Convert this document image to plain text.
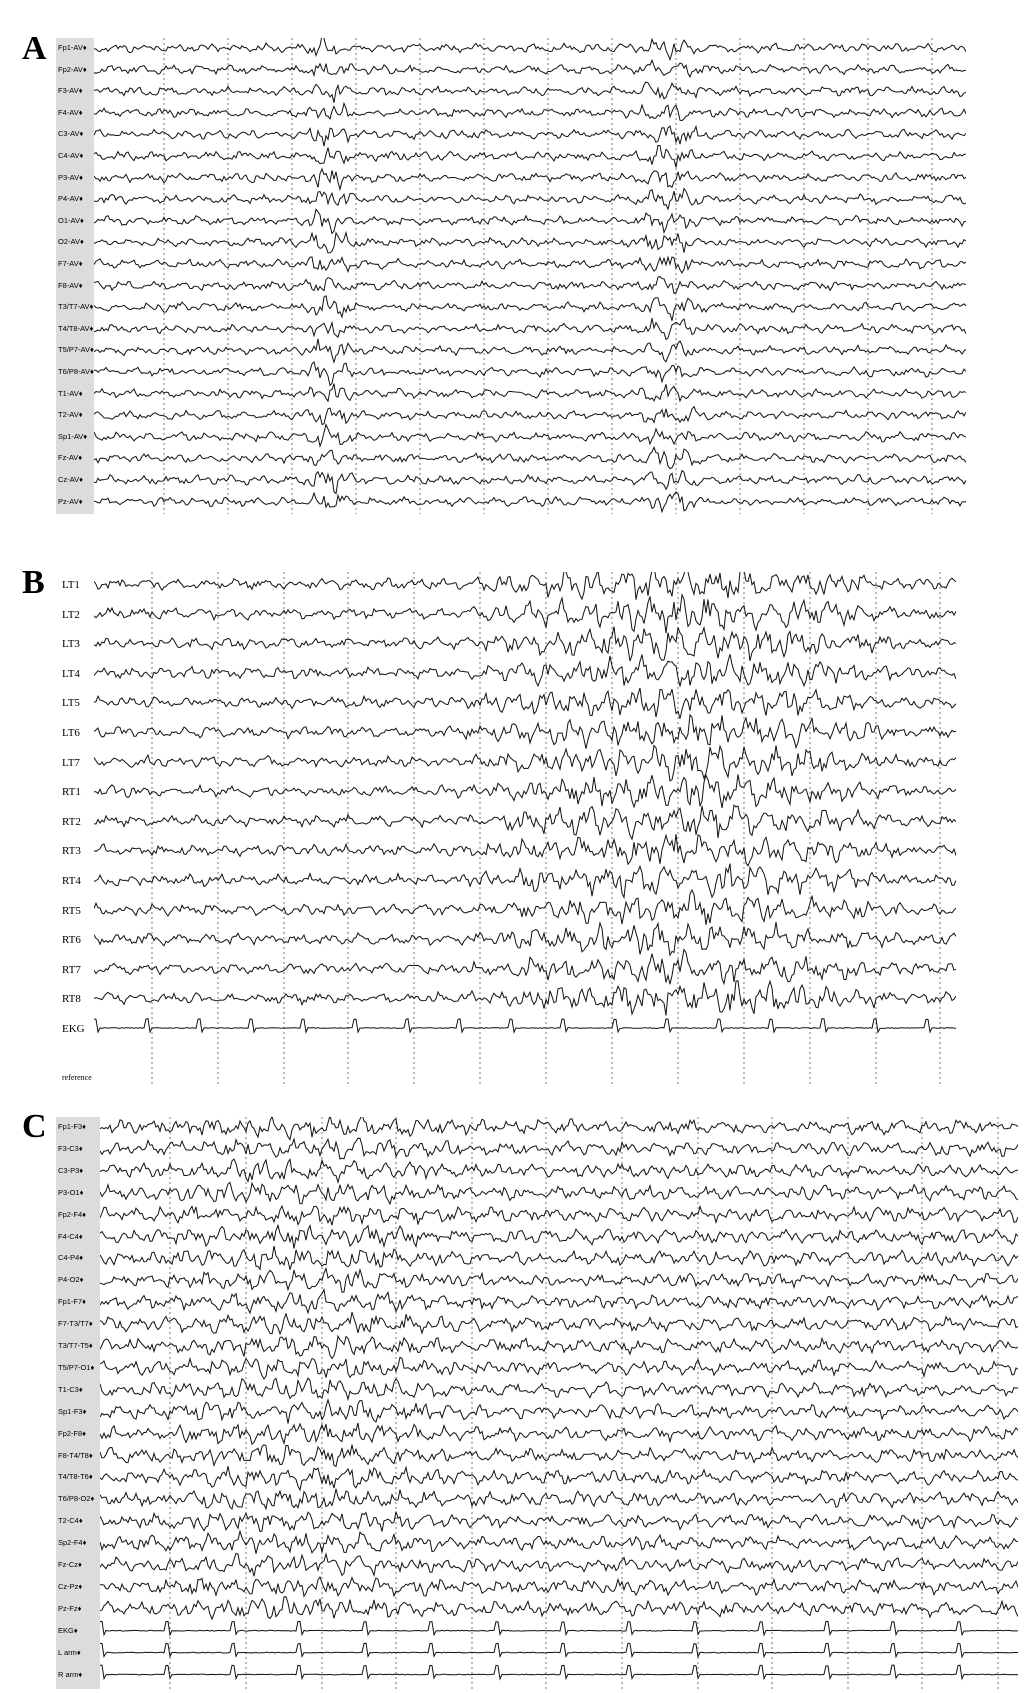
A Fp1-AV♦
Fp2-AV♦
F3-AV♦
F4-AV♦
C3-AV♦
C4-AV♦
P3-AV♦
P4-AV♦
O1-AV♦
O2-AV♦
F7-AV♦
F8-AV♦
T3/T7-AV♦
T4/T8-AV♦
T5/P7-AV♦
T6/P8-AV♦
T1-AV♦
T2-AV♦
Sp1-AV♦
Fz-AV♦
Cz-AV♦
Pz-AV♦
B LT1
LT2
LT3
LT4
LT5
LT6
LT7
RT1
RT2
RT3
RT4
RT5
RT6
RT7
RT8
EKG
reference
C Fp1-F3♦
F3-C3♦
C3-P3♦
P3-O1♦
Fp2-F4♦
F4-C4♦
C4-P4♦
P4-O2♦
Fp1-F7♦
F7-T3/T7♦
T3/T7-T5♦
T5/P7-O1♦
T1-C3♦
Sp1-F3♦
Fp2-F8♦
F8-T4/T8♦
T4/T8-T6♦
T6/P8-O2♦
T2-C4♦
Sp2-F4♦
Fz-Cz♦
Cz-Pz♦
Pz-Fz♦
EKG♦
L arm♦
R arm♦
